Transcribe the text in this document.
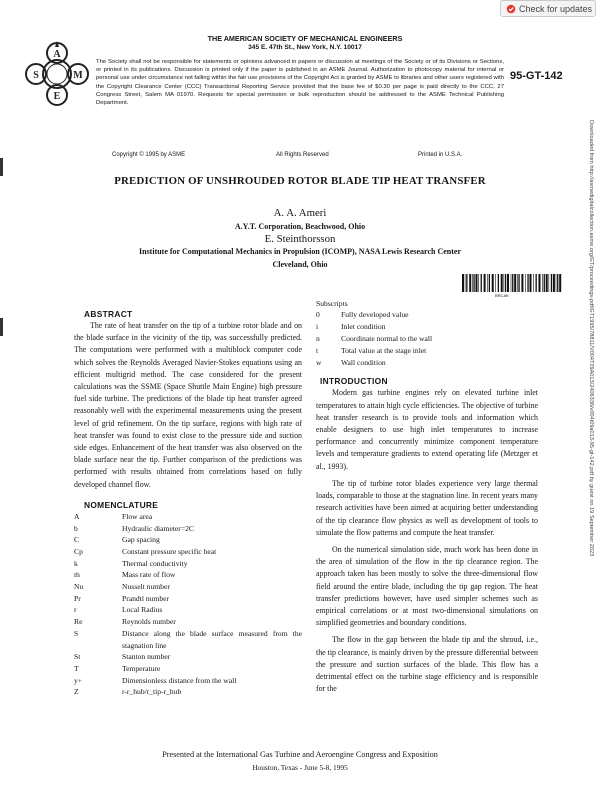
Check for updates
A
S	M
E
THE AMERICAN SOCIETY OF MECHANICAL ENGINEERS
345 E. 47th St., New York, N.Y. 10017
The Society shall not be responsible for statements or opinions advanced in papers or discussion at meetings of the Society or of its Divisions or Sections, or printed in its publications. Discussion is printed only if the paper is published in an ASME Journal. Authorization to photocopy material for internal or personal use under circumstance not falling within the fair use provisions of the Copyright Act is granted by ASME to libraries and other users registered with the Copyright Clearance Center (CCC) Transactional Reporting Service provided that the base fee of $0.30 per page is paid directly to the CCC, 27 Congress Street, Salem MA 01970. Requests for special permission or bulk reproduction should be addressed to the ASME Technical Publishing Department.
95-GT-142
Copyright © 1995 by ASME	All Rights Reserved	Printed in U.S.A.	Downloaded from http://asmedigitalcollection.asme.org/GT/proceedings-pdf/GT1995/78811/V004T09A013/2406336/v004t09a013-95-gt-142.pdf by guest on 19 September 2023
PREDICTION OF UNSHROUDED ROTOR BLADE TIP HEAT TRANSFER
A. A. Ameri
A.Y.T. Corporation, Beachwood, Ohio
E. Steinthorsson
Institute for Computational Mechanics in Propulsion (ICOMP), NASA Lewis Research Center
Cleveland, Ohio
BRCAK

ABSTRACT

The rate of heat transfer on the tip of a turbine rotor blade and on the blade surface in the vicinity of the tip, was successfully predicted. The computations were performed with a multiblock computer code which solves the Reynolds Averaged Navier-Stokes equations using an efficient multigrid method. The case considered for the present calculations was the SSME (Space Shuttle Main Engine) high pressure fuel side turbine. The predictions of the blade tip heat transfer agreed reasonably well with the experimental measurements using the present level of grid refinement. On the tip surface, regions with high rate of heat transfer was found to exist close to the pressure side and suction side edges. Enhancement of the heat transfer was also observed on the blade surface near the tip. Further comparison of the predictions was performed with results obtained from correlations based on fully developed channel flow.

NOMENCLATURE

A	Flow area
b	Hydraulic diameter=2C
C	Gap spacing
Cp	Constant pressure specific heat
k	Thermal conductivity
ṁ	Mass rate of flow
Nu	Nusselt number
Pr	Prandtl number
r	Local Radius
Re	Reynolds number
S	Distance along the blade surface measured from the stagnation line
St	Stanton number
T	Temperature
y+	Dimensionless distance from the wall
Z	r-r_hub/r_tip-r_hub

Subscripts

0	Fully developed value
i	Inlet condition
n	Coordinate normal to the wall
t	Total value at the stage inlet
w	Wall condition

INTRODUCTION

Modern gas turbine engines rely on elevated turbine inlet temperatures to attain high cycle efficiencies. The objective of turbine heat transfer research is to provide tools and information which enable designers to use high inlet temperatures to increase performance and concurrently minimize component temperature levels and temperature gradients to extend operating life (Metzger et al., 1993).

The tip of turbine rotor blades experience very large thermal loads, comparable to those at the stagnation line. In recent years many research activities have been aimed at acquiring better understanding of the tip clearance flow physics as well as development of tools to simulate the flow patterns and compute the heat transfer.

On the numerical simulation side, much work has been done in the area of simulation of the flow in the tip clearance region. The approach taken has been mostly to solve the three-dimensional flow field around the entire blade, including the tip gap region. The heat transfer predictions however, have used simpler schemes such as empirical correlations or at most two-dimensional simulations on simplified geometries and boundary conditions.

The flow in the gap between the blade tip and the shroud, i.e., the tip clearance, is mainly driven by the pressure differential between the pressure and suction surfaces of the blade. This flow has a detrimental effect on the turbine stage efficiency and is responsible for the

Presented at the International Gas Turbine and Aeroengine Congress and Exposition
Houston, Texas - June 5-8, 1995
